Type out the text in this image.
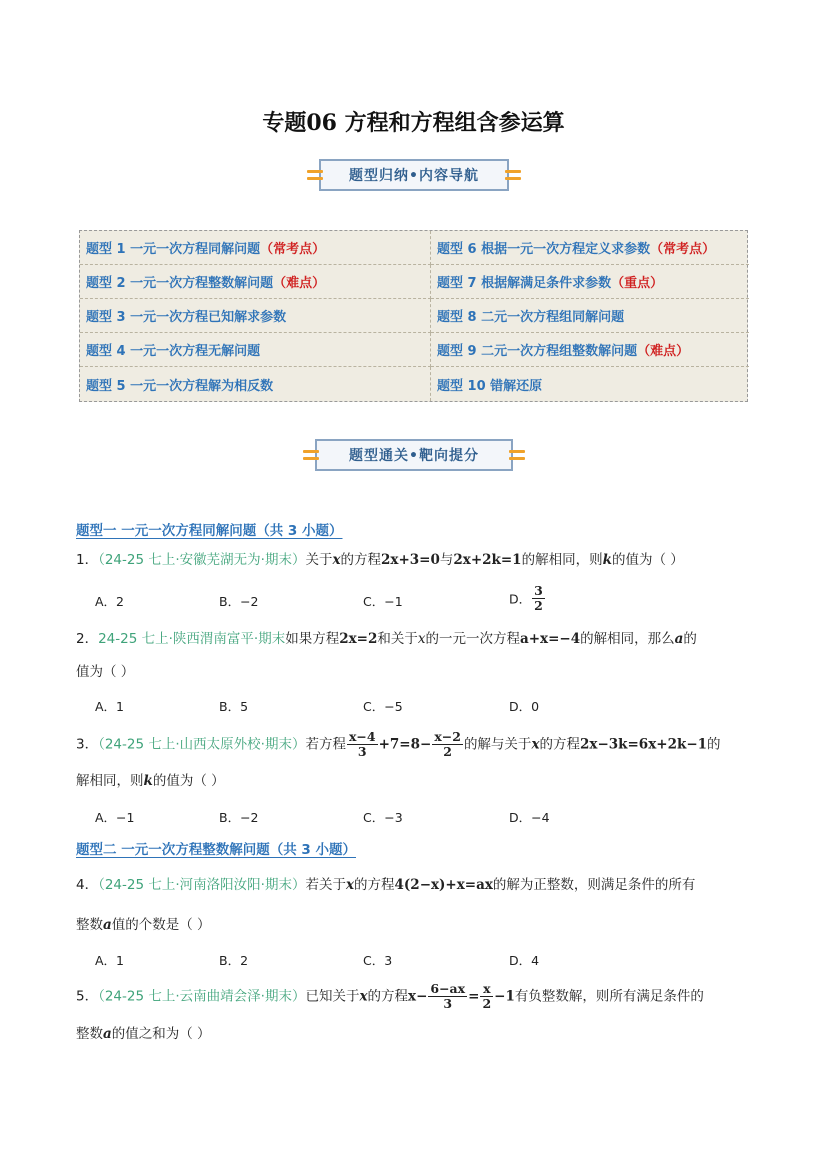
专题06 方程和方程组含参运算
题型归纳•内容导航
题型 1 一元一次方程同解问题 （常考点）	题型 6 根据一元一次方程定义求参数 （常考点）
题型 2 一元一次方程整数解问题 （难点）	题型 7 根据解满足条件求参数 （重点）
题型 3 一元一次方程已知解求参数	题型 8 二元一次方程组同解问题
题型 4 一元一次方程无解问题	题型 9 二元一次方程组整数解问题 （难点）
题型 5 一元一次方程解为相反数	题型 10 错解还原
题型通关•靶向提分
题型一 一元一次方程同解问题（共 3 小题）
1．（24-25 七上·安徽芜湖无为·期末）关于x的方程2x+3=0与2x+2k=1的解相同，则k的值为（ ）
A．2	B．−2	C．−1	D． $\frac{3}{2}$
2．24-25 七上·陕西渭南富平·期末如果方程2x=2和关于x的一元一次方程a+x=−4的解相同，那么a的
值为（ ）
A．1	B．5	C．−5	D．0
3．（24-25 七上·山西太原外校·期末）若方程 $\frac{x-4}{3} +7=8- \frac{x-2}{2}$ 的解与关于x的方程2x−3k=6x+2k−1的
解相同，则k的值为（ ）
A．−1	B．−2	C．−3	D．−4
题型二 一元一次方程整数解问题（共 3 小题）
4．（24-25 七上·河南洛阳汝阳·期末）若关于x的方程4(2−x)+x=ax的解为正整数，则满足条件的所有
整数a值的个数是（ ）
A．1	B．2	C．3	D．4
5．（24-25 七上·云南曲靖会泽·期末）已知关于x的方程$x- \frac{6-ax}{3} = \frac{x}{2} -1$有负整数解，则所有满足条件的
整数a的值之和为（ ）
